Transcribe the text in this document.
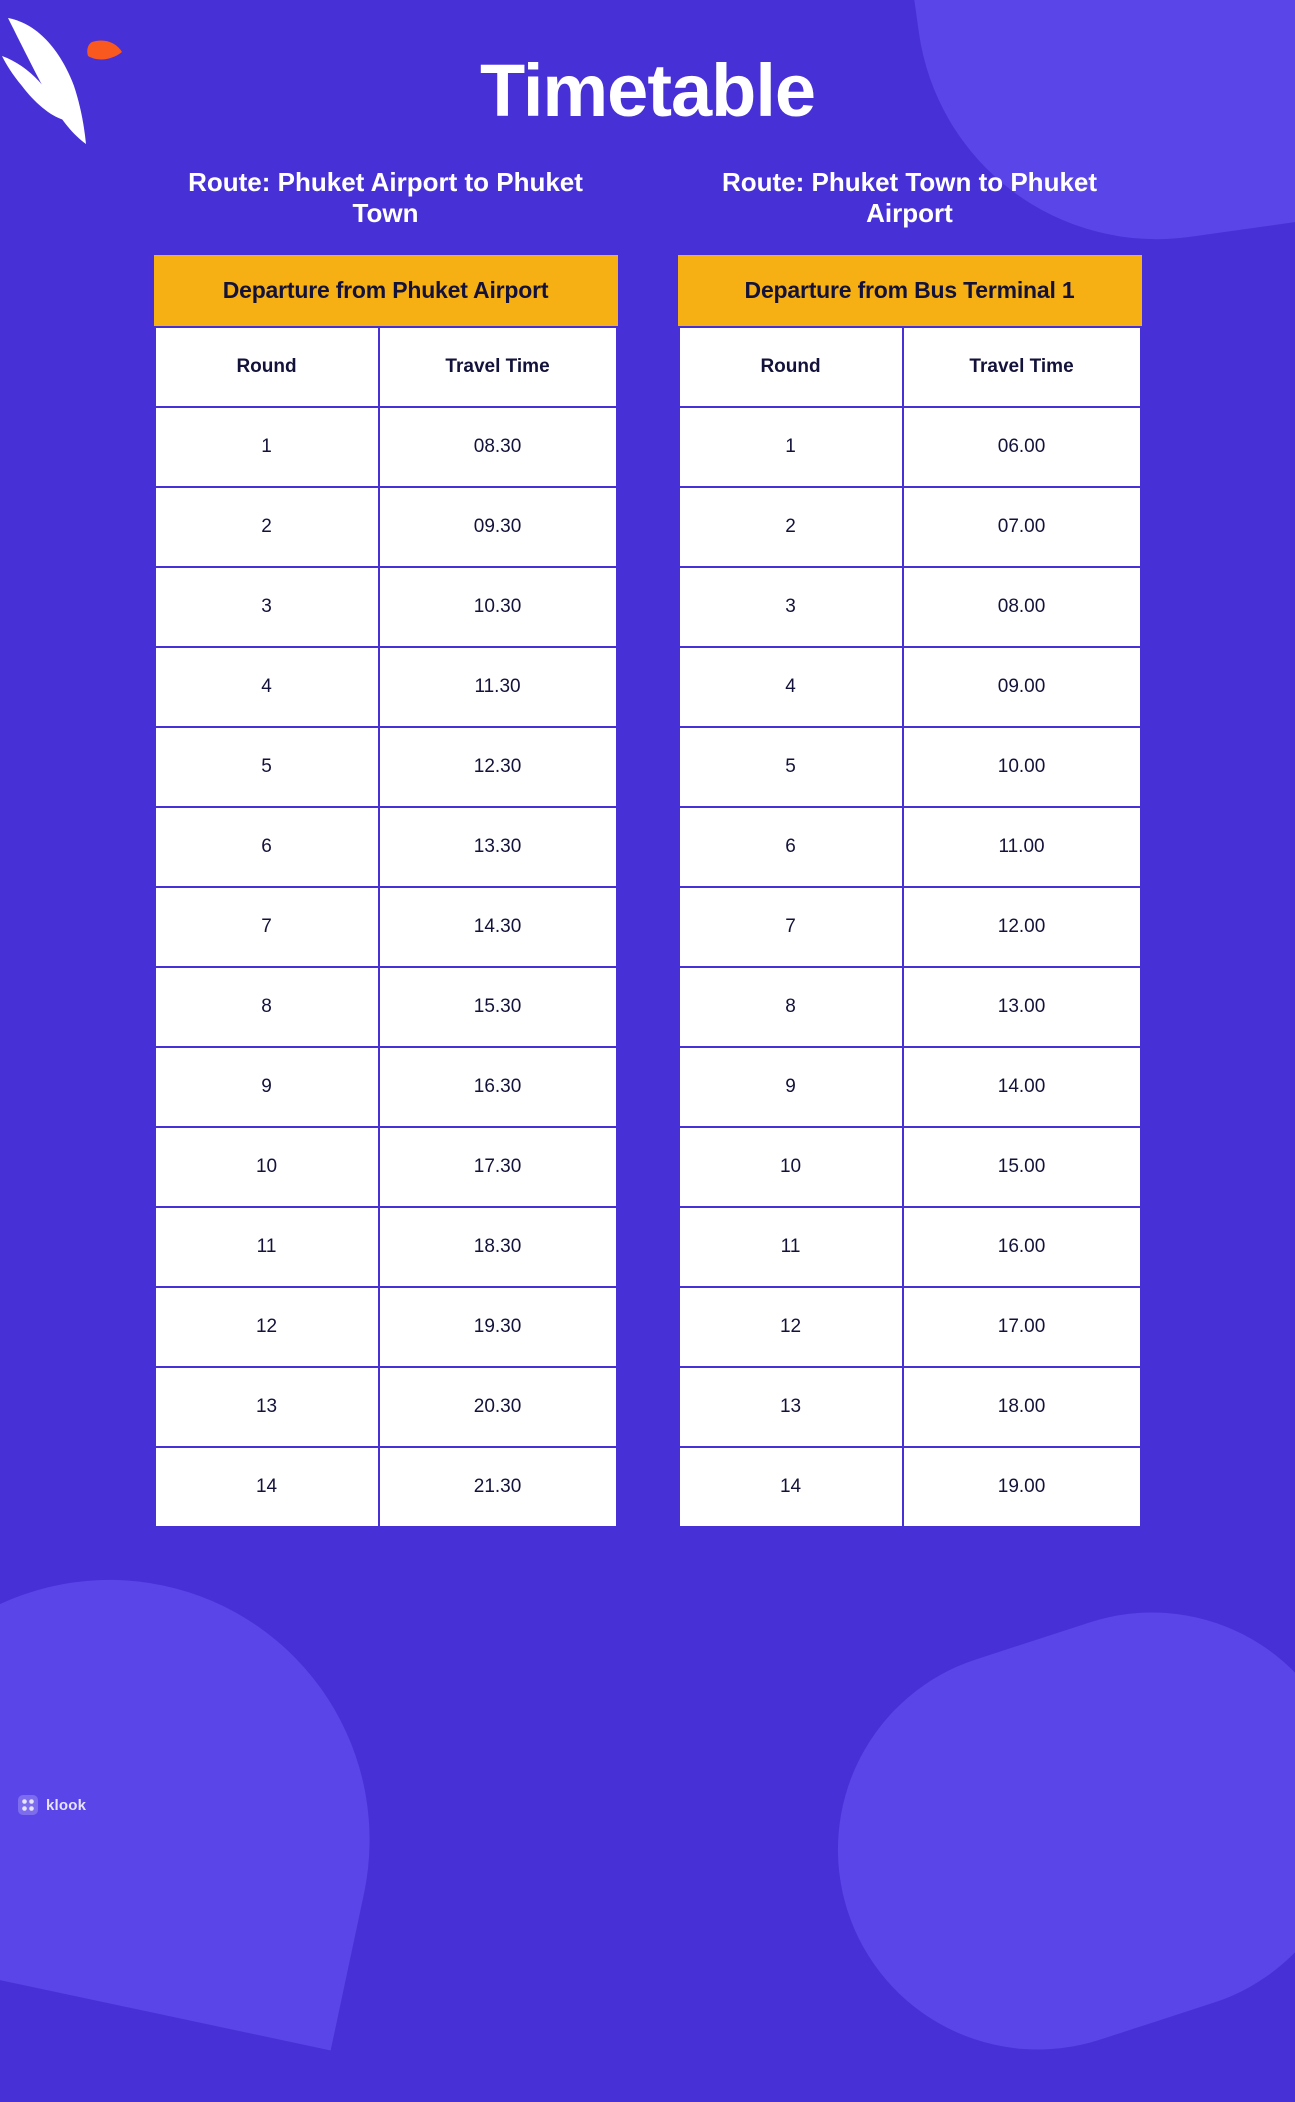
Timetable
Route: Phuket Airport to Phuket Town
Departure from Phuket Airport
Round	Travel Time
1	08.30
2	09.30
3	10.30
4	11.30
5	12.30
6	13.30
7	14.30
8	15.30
9	16.30
10	17.30
11	18.30
12	19.30
13	20.30
14	21.30
Route: Phuket Town to Phuket Airport
Departure from Bus Terminal 1
Round	Travel Time
1	06.00
2	07.00
3	08.00
4	09.00
5	10.00
6	11.00
7	12.00
8	13.00
9	14.00
10	15.00
11	16.00
12	17.00
13	18.00
14	19.00
klook
